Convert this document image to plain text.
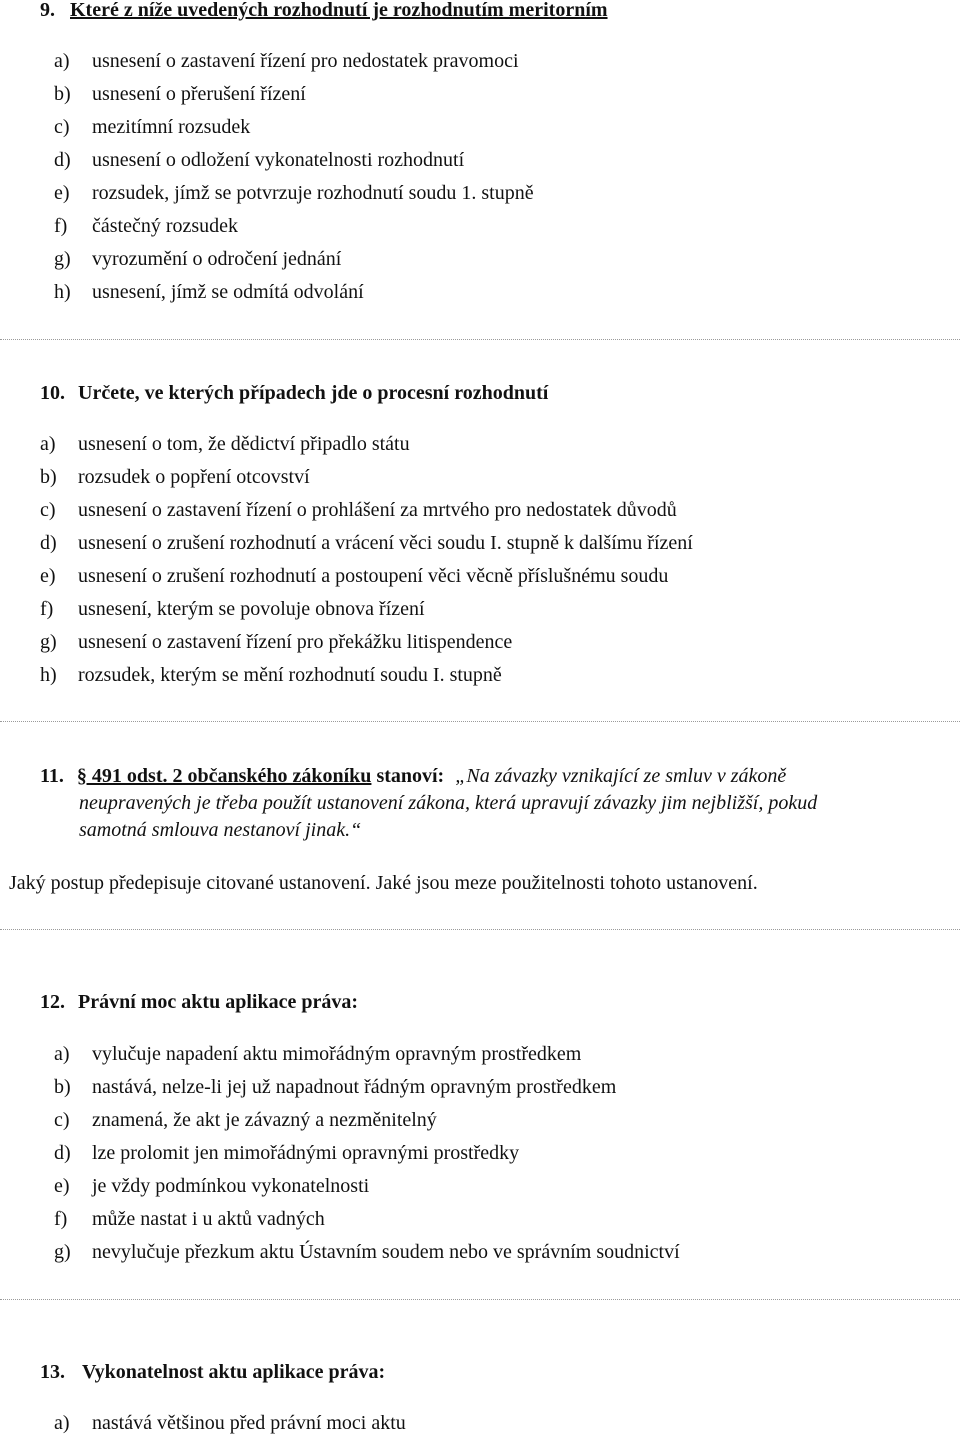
9. Které z níže uvedených rozhodnutí je rozhodnutím meritorním
a) usnesení o zastavení řízení pro nedostatek pravomoci
b) usnesení o přerušení řízení
c) mezitímní rozsudek
d) usnesení o odložení vykonatelnosti rozhodnutí
e) rozsudek, jímž se potvrzuje rozhodnutí soudu 1. stupně
f) částečný rozsudek
g) vyrozumění o odročení jednání
h) usnesení, jímž se odmítá odvolání
10. Určete, ve kterých případech jde o procesní rozhodnutí
a) usnesení o tom, že dědictví připadlo státu
b) rozsudek o popření otcovství
c) usnesení o zastavení řízení o prohlášení za mrtvého pro nedostatek důvodů
d) usnesení o zrušení rozhodnutí a vrácení věci soudu I. stupně k dalšímu řízení
e) usnesení o zrušení rozhodnutí a postoupení věci věcně příslušnému soudu
f) usnesení, kterým se povoluje obnova řízení
g) usnesení o zastavení řízení pro překážku litispendence
h) rozsudek, kterým se mění rozhodnutí soudu I. stupně
11. § 491 odst. 2 občanského zákoníku stanoví: „Na závazky vznikající ze smluv v zákoně
neupravených je třeba použít ustanovení zákona, která upravují závazky jim nejbližší, pokud
samotná smlouva nestanoví jinak.“
Jaký postup předepisuje citované ustanovení. Jaké jsou meze použitelnosti tohoto ustanovení.
12. Právní moc aktu aplikace práva:
a) vylučuje napadení aktu mimořádným opravným prostředkem
b) nastává, nelze-li jej už napadnout řádným opravným prostředkem
c) znamená, že akt je závazný a nezměnitelný
d) lze prolomit jen mimořádnými opravnými prostředky
e) je vždy podmínkou vykonatelnosti
f) může nastat i u aktů vadných
g) nevylučuje přezkum aktu Ústavním soudem nebo ve správním soudnictví
13. Vykonatelnost aktu aplikace práva:
a) nastává většinou před právní moci aktu
